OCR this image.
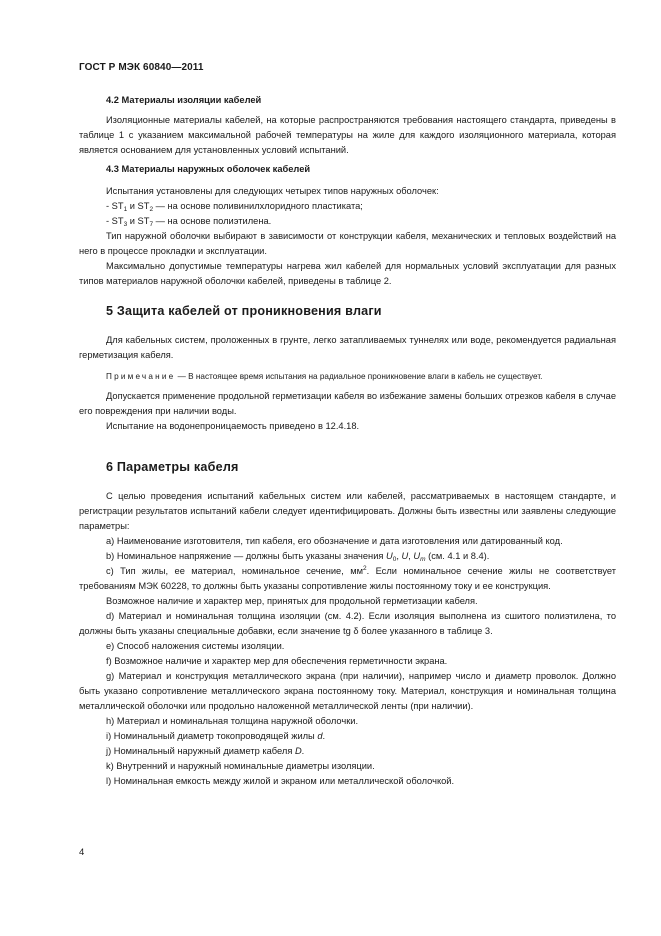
ГОСТ Р МЭК 60840—2011
4.2 Материалы изоляции кабелей

Изоляционные материалы кабелей, на которые распространяются требования настоящего стандарта, приведены в таблице 1 с указанием максимальной рабочей температуры на жиле для каждого изоляционного материала, которая является основанием для установленных условий испытаний.

4.3 Материалы наружных оболочек кабелей

Испытания установлены для следующих четырех типов наружных оболочек:

- $ST_1$ и $ST_2$ — на основе поливинилхлоридного пластиката;
- $ST_3$ и $ST_7$ — на основе полиэтилена.

Тип наружной оболочки выбирают в зависимости от конструкции кабеля, механических и тепловых воздействий на него в процессе прокладки и эксплуатации.

Максимально допустимые температуры нагрева жил кабелей для нормальных условий эксплуатации для разных типов материалов наружной оболочки кабелей, приведены в таблице 2.

5 Защита кабелей от проникновения влаги

Для кабельных систем, проложенных в грунте, легко затапливаемых туннелях или воде, рекомендуется радиальная герметизация кабеля.

Примечание — В настоящее время испытания на радиальное проникновение влаги в кабель не существует.

Допускается применение продольной герметизации кабеля во избежание замены больших отрезков кабеля в случае его повреждения при наличии воды.

Испытание на водонепроницаемость приведено в 12.4.18.

6 Параметры кабеля

С целью проведения испытаний кабельных систем или кабелей, рассматриваемых в настоящем стандарте, и регистрации результатов испытаний кабели следует идентифицировать. Должны быть известны или заявлены следующие параметры:

a) Наименование изготовителя, тип кабеля, его обозначение и дата изготовления или датированный код.

b) Номинальное напряжение — должны быть указаны значения $U_0$, U, $U_m$ (см. 4.1 и 8.4).

c) Тип жилы, ее материал, номинальное сечение, $мм^2$. Если номинальное сечение жилы не соответствует требованиям МЭК 60228, то должны быть указаны сопротивление жилы постоянному току и ее конструкция.

Возможное наличие и характер мер, принятых для продольной герметизации кабеля.

d) Материал и номинальная толщина изоляции (см. 4.2). Если изоляция выполнена из сшитого полиэтилена, то должны быть указаны специальные добавки, если значение tg δ более указанного в таблице 3.

e) Способ наложения системы изоляции.

f) Возможное наличие и характер мер для обеспечения герметичности экрана.

g) Материал и конструкция металлического экрана (при наличии), например число и диаметр проволок. Должно быть указано сопротивление металлического экрана постоянному току. Материал, конструкция и номинальная толщина металлической оболочки или продольно наложенной металлической ленты (при наличии).

h) Материал и номинальная толщина наружной оболочки.

i) Номинальный диаметр токопроводящей жилы d.

j) Номинальный наружный диаметр кабеля D.

k) Внутренний и наружный номинальные диаметры изоляции.

l) Номинальная емкость между жилой и экраном или металлической оболочкой.

4
